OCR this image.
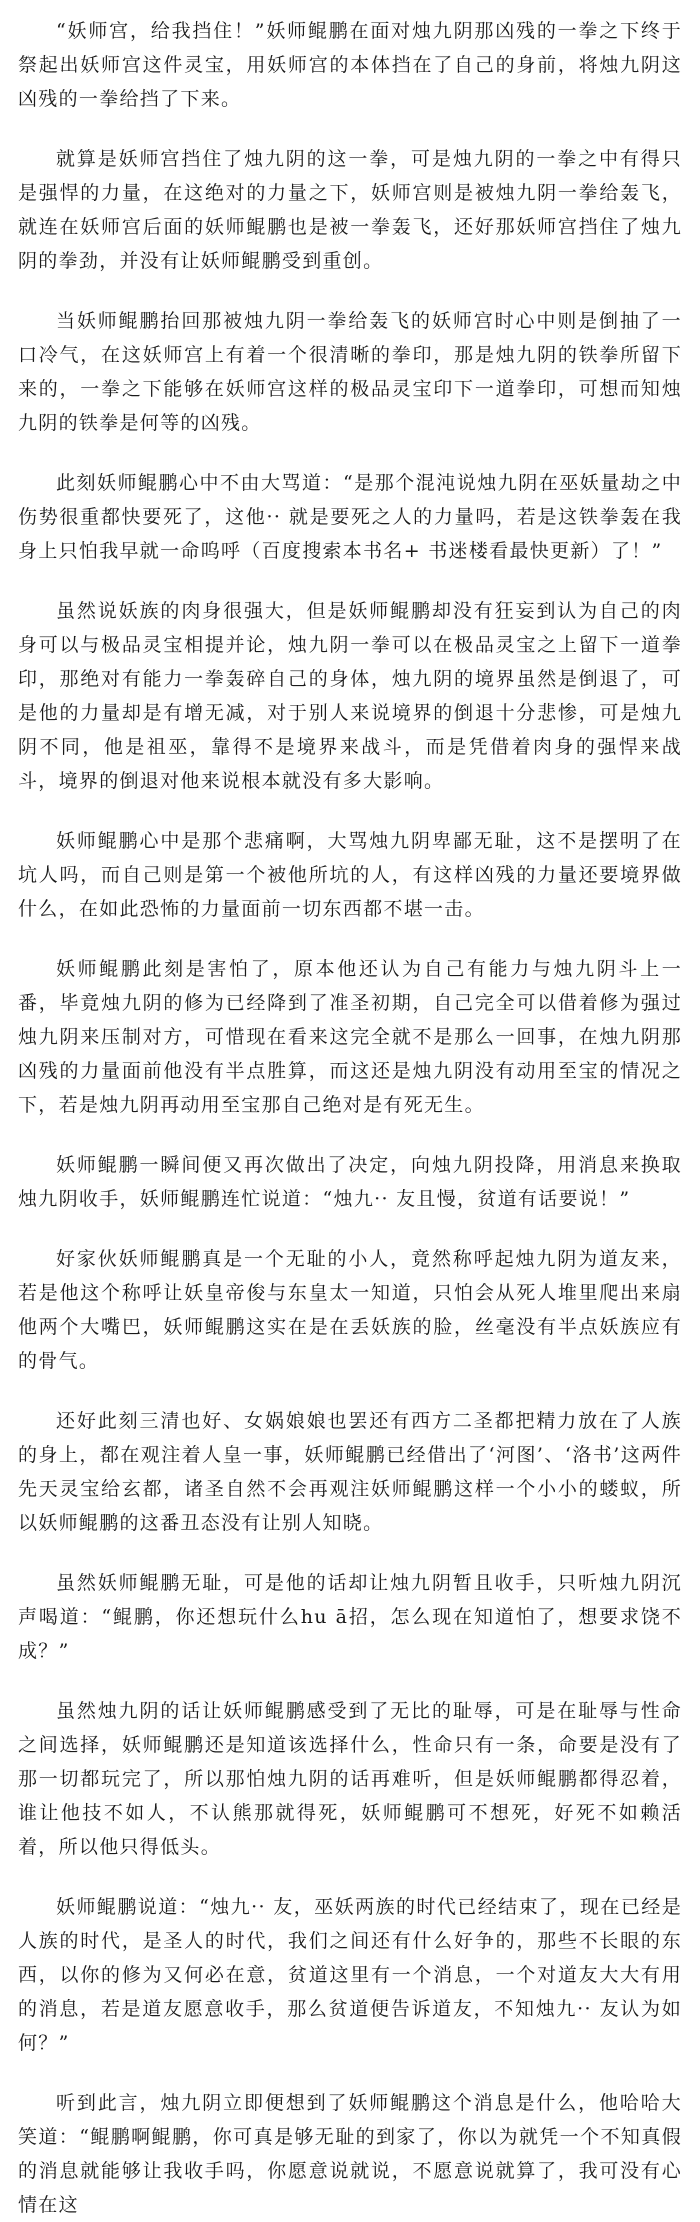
“妖师宫，给我挡住！”妖师鲲鹏在面对烛九阴那凶残的一拳之下终于祭起出妖师宫这件灵宝，用妖师宫的本体挡在了自己的身前，将烛九阴这凶残的一拳给挡了下来。

就算是妖师宫挡住了烛九阴的这一拳，可是烛九阴的一拳之中有得只是强悍的力量，在这绝对的力量之下，妖师宫则是被烛九阴一拳给轰飞，就连在妖师宫后面的妖师鲲鹏也是被一拳轰飞，还好那妖师宫挡住了烛九阴的拳劲，并没有让妖师鲲鹏受到重创。

当妖师鲲鹏抬回那被烛九阴一拳给轰飞的妖师宫时心中则是倒抽了一口冷气，在这妖师宫上有着一个很清晰的拳印，那是烛九阴的铁拳所留下来的，一拳之下能够在妖师宫这样的极品灵宝印下一道拳印，可想而知烛九阴的铁拳是何等的凶残。

此刻妖师鲲鹏心中不由大骂道：“是那个混沌说烛九阴在巫妖量劫之中伤势很重都快要死了，这他·· 就是要死之人的力量吗，若是这铁拳轰在我身上只怕我早就一命呜呼（百度搜索本书名+ 书迷楼看最快更新）了！”

虽然说妖族的肉身很强大，但是妖师鲲鹏却没有狂妄到认为自己的肉身可以与极品灵宝相提并论，烛九阴一拳可以在极品灵宝之上留下一道拳印，那绝对有能力一拳轰碎自己的身体，烛九阴的境界虽然是倒退了，可是他的力量却是有增无减，对于别人来说境界的倒退十分悲惨，可是烛九阴不同，他是祖巫，靠得不是境界来战斗，而是凭借着肉身的强悍来战斗，境界的倒退对他来说根本就没有多大影响。

妖师鲲鹏心中是那个悲痛啊，大骂烛九阴卑鄙无耻，这不是摆明了在坑人吗，而自己则是第一个被他所坑的人，有这样凶残的力量还要境界做什么，在如此恐怖的力量面前一切东西都不堪一击。

妖师鲲鹏此刻是害怕了，原本他还认为自己有能力与烛九阴斗上一番，毕竟烛九阴的修为已经降到了准圣初期，自己完全可以借着修为强过烛九阴来压制对方，可惜现在看来这完全就不是那么一回事，在烛九阴那凶残的力量面前他没有半点胜算，而这还是烛九阴没有动用至宝的情况之下，若是烛九阴再动用至宝那自己绝对是有死无生。

妖师鲲鹏一瞬间便又再次做出了决定，向烛九阴投降，用消息来换取烛九阴收手，妖师鲲鹏连忙说道：“烛九·· 友且慢，贫道有话要说！”

好家伙妖师鲲鹏真是一个无耻的小人，竟然称呼起烛九阴为道友来，若是他这个称呼让妖皇帝俊与东皇太一知道，只怕会从死人堆里爬出来扇他两个大嘴巴，妖师鲲鹏这实在是在丢妖族的脸，丝毫没有半点妖族应有的骨气。

还好此刻三清也好、女娲娘娘也罢还有西方二圣都把精力放在了人族的身上，都在观注着人皇一事，妖师鲲鹏已经借出了‘河图’、‘洛书’这两件先天灵宝给玄都，诸圣自然不会再观注妖师鲲鹏这样一个小小的蝼蚁，所以妖师鲲鹏的这番丑态没有让别人知晓。

虽然妖师鲲鹏无耻，可是他的话却让烛九阴暂且收手，只听烛九阴沉声喝道：“鲲鹏，你还想玩什么hu ā招，怎么现在知道怕了，想要求饶不成？”

虽然烛九阴的话让妖师鲲鹏感受到了无比的耻辱，可是在耻辱与性命之间选择，妖师鲲鹏还是知道该选择什么，性命只有一条，命要是没有了那一切都玩完了，所以那怕烛九阴的话再难听，但是妖师鲲鹏都得忍着，谁让他技不如人，不认熊那就得死，妖师鲲鹏可不想死，好死不如赖活着，所以他只得低头。

妖师鲲鹏说道：“烛九·· 友，巫妖两族的时代已经结束了，现在已经是人族的时代，是圣人的时代，我们之间还有什么好争的，那些不长眼的东西，以你的修为又何必在意，贫道这里有一个消息，一个对道友大大有用的消息，若是道友愿意收手，那么贫道便告诉道友，不知烛九·· 友认为如何？”

听到此言，烛九阴立即便想到了妖师鲲鹏这个消息是什么，他哈哈大笑道：“鲲鹏啊鲲鹏，你可真是够无耻的到家了，你以为就凭一个不知真假的消息就能够让我收手吗，你愿意说就说，不愿意说就算了，我可没有心情在这
